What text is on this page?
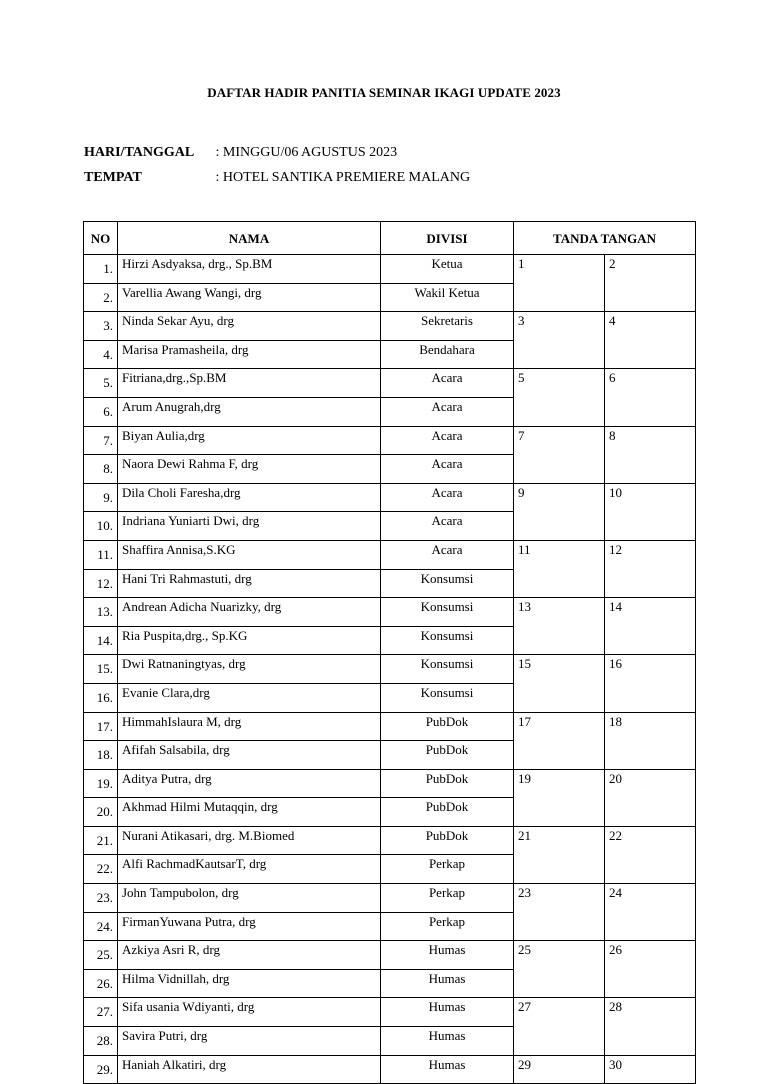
DAFTAR HADIR PANITIA SEMINAR IKAGI UPDATE 2023
HARI/TANGGAL : MINGGU/06 AGUSTUS 2023
TEMPAT	: HOTEL SANTIKA PREMIERE MALANG
NO	NAMA	DIVISI	TANDA TANGAN	
1.	Hirzi Asdyaksa, drg., Sp.BM	Ketua	1	2
2.	Varellia Awang Wangi, drg	Wakil Ketua		
3.	Ninda Sekar Ayu, drg	Sekretaris	3	4
4.	Marisa Pramasheila, drg	Bendahara		
5.	Fitriana,drg.,Sp.BM	Acara	5	6
6.	Arum Anugrah,drg	Acara		
7.	Biyan Aulia,drg	Acara	7	8
8.	Naora Dewi Rahma F, drg	Acara		
9.	Dila Choli Faresha,drg	Acara	9	10
10.	Indriana Yuniarti Dwi, drg	Acara		
11.	Shaffira Annisa,S.KG	Acara	11	12
12.	Hani Tri Rahmastuti, drg	Konsumsi		
13.	Andrean Adicha Nuarizky, drg	Konsumsi	13	14
14.	Ria Puspita,drg., Sp.KG	Konsumsi		
15.	Dwi Ratnaningtyas, drg	Konsumsi	15	16
16.	Evanie Clara,drg	Konsumsi		
17.	HimmahIslaura M, drg	PubDok	17	18
18.	Afifah Salsabila, drg	PubDok		
19.	Aditya Putra, drg	PubDok	19	20
20.	Akhmad Hilmi Mutaqqin, drg	PubDok		
21.	Nurani Atikasari, drg. M.Biomed	PubDok	21	22
22.	Alfi RachmadKautsarT, drg	Perkap		
23.	John Tampubolon, drg	Perkap	23	24
24.	FirmanYuwana Putra, drg	Perkap		
25.	Azkiya Asri R, drg	Humas	25	26
26.	Hilma Vidnillah, drg	Humas		
27.	Sifa usania Wdiyanti, drg	Humas	27	28
28.	Savira Putri, drg	Humas		
29.	Haniah Alkatiri, drg	Humas	29	30
